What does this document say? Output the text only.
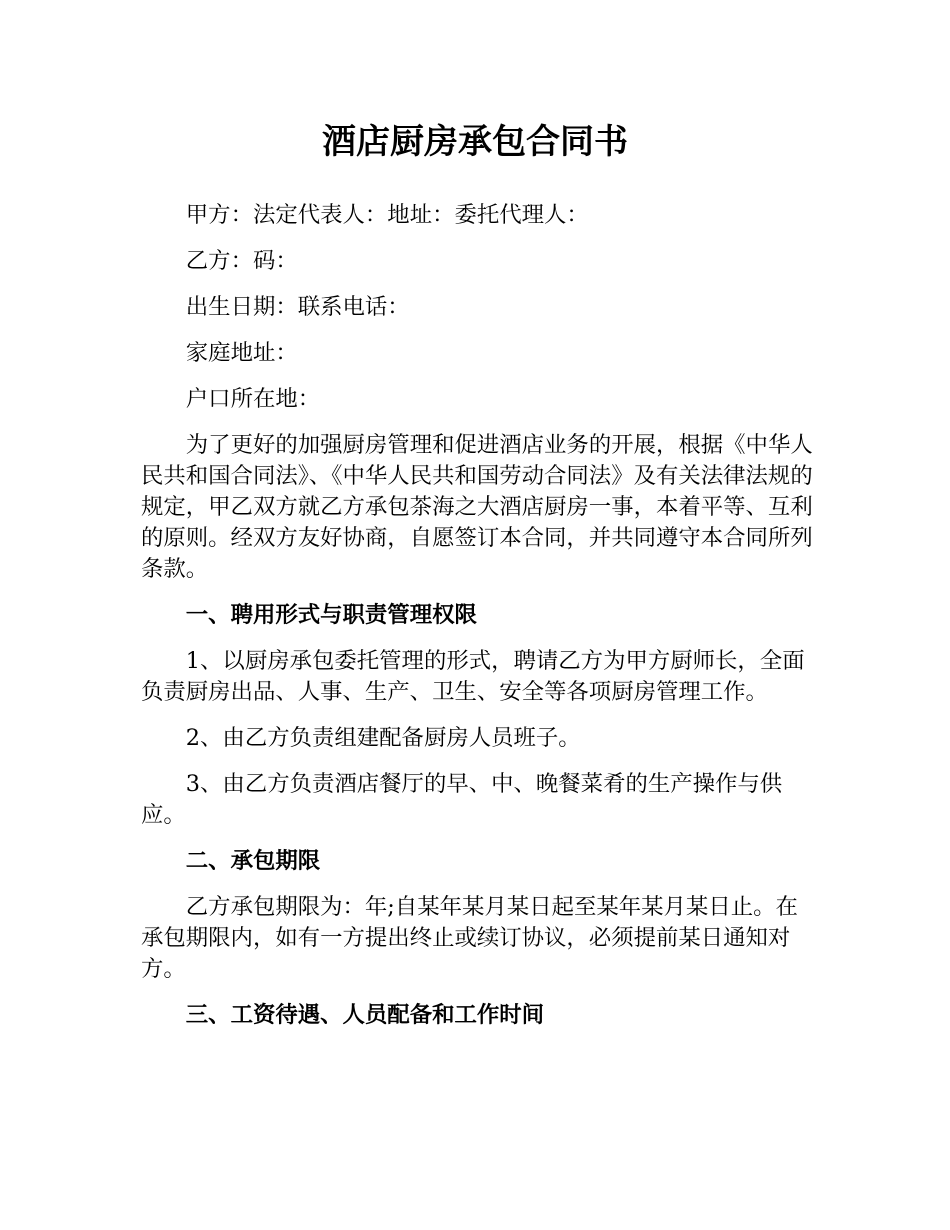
酒店厨房承包合同书

甲方：法定代表人：地址：委托代理人：

乙方：码：

出生日期：联系电话：

家庭地址：

户口所在地：

为了更好的加强厨房管理和促进酒店业务的开展，根据《中华人民共和国合同法》、《中华人民共和国劳动合同法》及有关法律法规的规定，甲乙双方就乙方承包茶海之大酒店厨房一事，本着平等、互利的原则。经双方友好协商，自愿签订本合同，并共同遵守本合同所列条款。

一、聘用形式与职责管理权限

1、以厨房承包委托管理的形式，聘请乙方为甲方厨师长，全面负责厨房出品、人事、生产、卫生、安全等各项厨房管理工作。

2、由乙方负责组建配备厨房人员班子。

3、由乙方负责酒店餐厅的早、中、晚餐菜肴的生产操作与供应。

二、承包期限

乙方承包期限为：年;自某年某月某日起至某年某月某日止。在承包期限内，如有一方提出终止或续订协议，必须提前某日通知对方。

三、工资待遇、人员配备和工作时间
